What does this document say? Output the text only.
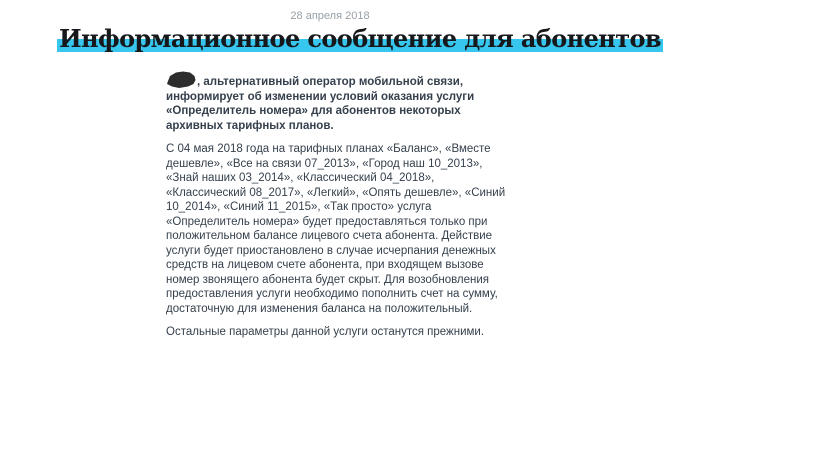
28 апреля 2018
Информационное сообщение для абонентов

, альтернативный оператор мобильной связи, информирует об изменении условий оказания услуги «Определитель номера» для абонентов некоторых архивных тарифных планов.

С 04 мая 2018 года на тарифных планах «Баланс», «Вместе дешевле», «Все на связи 07_2013», «Город наш 10_2013», «Знай наших 03_2014», «Классический 04_2018», «Классический 08_2017», «Легкий», «Опять дешевле», «Синий 10_2014», «Синий 11_2015», «Так просто» услуга «Определитель номера» будет предоставляться только при положительном балансе лицевого счета абонента. Действие услуги будет приостановлено в случае исчерпания денежных средств на лицевом счете абонента, при входящем вызове номер звонящего абонента будет скрыт. Для возобновления предоставления услуги необходимо пополнить счет на сумму, достаточную для изменения баланса на положительный.

Остальные параметры данной услуги останутся прежними.
